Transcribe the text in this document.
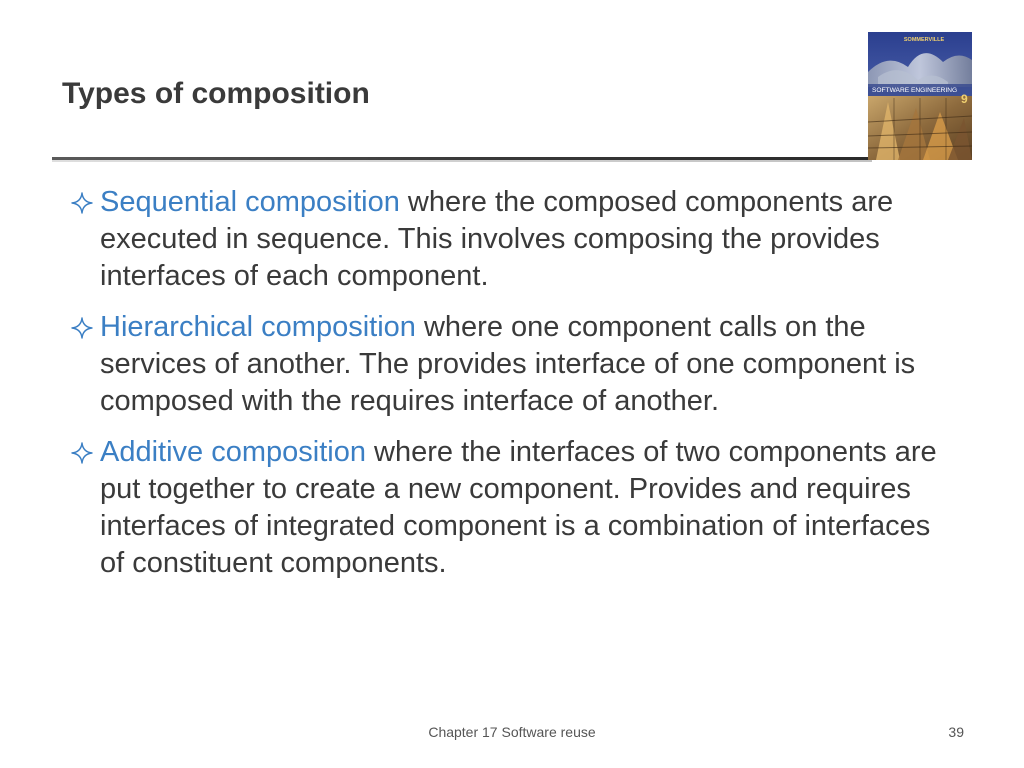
Types of composition
SOMMERVILLE
SOFTWARE ENGINEERING
9
Sequential composition where the composed components are executed in sequence. This involves composing the provides interfaces of each component.
Hierarchical composition where one component calls on the services of another. The provides interface of one component is composed with the requires interface of another.
Additive composition where the interfaces of two components are put together to create a new component. Provides and requires interfaces of integrated component is a combination of interfaces of constituent components.
Chapter 17 Software reuse	39
